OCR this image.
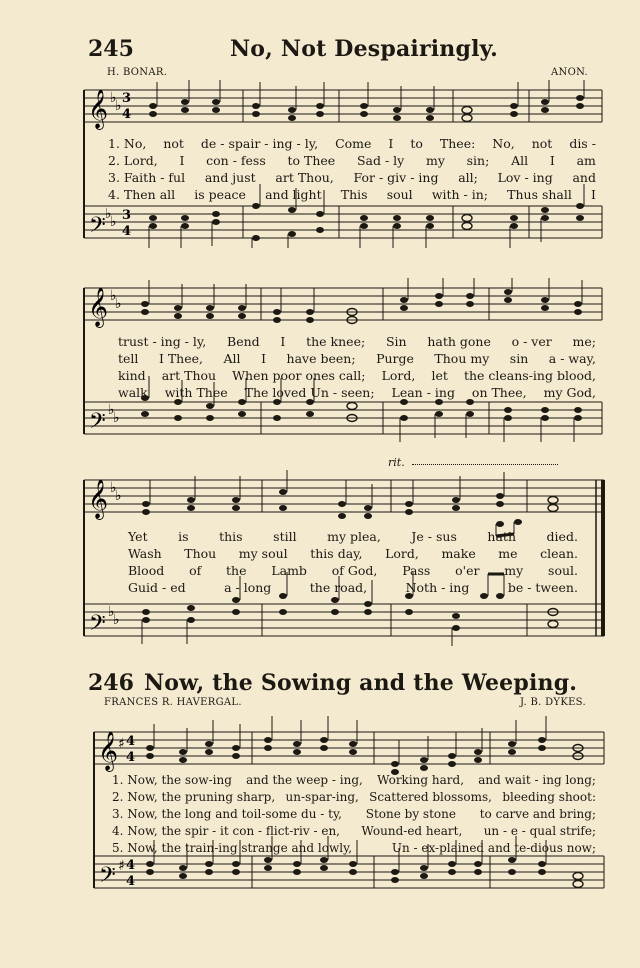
245	No, Not Despairingly.
H. BONAR.	ANON.
𝄞
𝄢
3
4
3
4
♭
♭
♭
♭
1. No, not de - spair - ing - ly, Come I to Thee: No, not dis -
2. Lord, I con - fess to Thee Sad - ly my sin; All I am
3. Faith - ful and just art Thou, For - giv - ing all; Lov - ing and
4. Then all is peace and light This soul with - in; Thus shall I
𝄞
𝄢
♭
♭
♭
♭
trust - ing - ly, Bend I the knee; Sin hath gone o - ver me;
tell I Thee, All I have been; Purge Thou my sin a - way,
kind art Thou When poor ones call; Lord, let the cleans-ing blood,
walk with Thee The loved Un - seen; Lean - ing on Thee, my God,
rit.
𝄞
𝄢
♭
♭
♭
♭
Yet is this still my plea, Je - sus hath died.
Wash Thou my soul this day, Lord, make me clean.
Blood of the Lamb of God, Pass o'er my soul.
Guid - ed	a - long	the road,	Noth - ing	be - tween.
246 Now, the Sowing and the Weeping.
FRANCES R. HAVERGAL.	J. B. DYKES.
𝄞
𝄢
4
4
4
4
♯
♯
1. Now, the sow-ing and the weep - ing, Working hard, and wait - ing long;
2. Now, the pruning sharp, un-spar-ing, Scattered blossoms, bleeding shoot:
3. Now, the long and toil-some du - ty, Stone by stone to carve and bring;
4. Now, the spir - it con - flict-riv - en, Wound-ed heart, un - e - qual strife;
5. Now, the train-ing strange and lowly,	Un - ex-plained and te-dious now;
